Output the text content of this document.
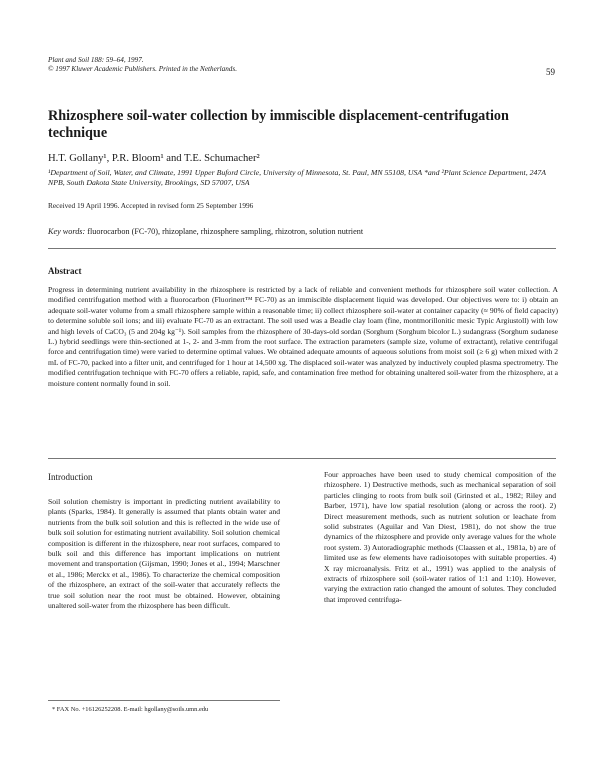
Plant and Soil 188: 59–64, 1997.
© 1997 Kluwer Academic Publishers. Printed in the Netherlands.	59
Rhizosphere soil-water collection by immiscible displacement-centrifugation technique
H.T. Gollany¹, P.R. Bloom¹ and T.E. Schumacher²
¹Department of Soil, Water, and Climate, 1991 Upper Buford Circle, University of Minnesota, St. Paul, MN 55108, USA *and ²Plant Science Department, 247A NPB, South Dakota State University, Brookings, SD 57007, USA
Received 19 April 1996. Accepted in revised form 25 September 1996
Key words: fluorocarbon (FC-70), rhizoplane, rhizosphere sampling, rhizotron, solution nutrient
Abstract

Progress in determining nutrient availability in the rhizosphere is restricted by a lack of reliable and convenient methods for rhizosphere soil water collection. A modified centrifugation method with a fluorocarbon (Fluorinert™ FC-70) as an immiscible displacement liquid was developed. Our objectives were to: i) obtain an adequate soil-water volume from a small rhizosphere sample within a reasonable time; ii) collect rhizosphere soil-water at container capacity (≈ 90% of field capacity) to determine soluble soil ions; and iii) evaluate FC-70 as an extractant. The soil used was a Beadle clay loam (fine, montmorillonitic mesic Typic Argiustoll) with low and high levels of CaCO₃ (5 and 204g kg⁻¹). Soil samples from the rhizosphere of 30-days-old sordan (Sorghum (Sorghum bicolor L.) sudangrass (Sorghum sudanese L.) hybrid seedlings were thin-sectioned at 1-, 2- and 3-mm from the root surface. The extraction parameters (sample size, volume of extractant), relative centrifugal force and centrifugation time) were varied to determine optimal values. We obtained adequate amounts of aqueous solutions from moist soil (≥ 6 g) when mixed with 2 mL of FC-70, packed into a filter unit, and centrifuged for 1 hour at 14,500 xg. The displaced soil-water was analyzed by inductively coupled plasma spectrometry. The modified centrifugation technique with FC-70 offers a reliable, rapid, safe, and contamination free method for obtaining unaltered soil-water from the rhizosphere, at a moisture content normally found in soil.

Introduction

Soil solution chemistry is important in predicting nutrient availability to plants (Sparks, 1984). It generally is assumed that plants obtain water and nutrients from the bulk soil solution and this is reflected in the wide use of bulk soil solution for estimating nutrient availability. Soil solution chemical composition is different in the rhizosphere, near root surfaces, compared to bulk soil and this difference has important implications on nutrient movement and transportation (Gijsman, 1990; Jones et al., 1994; Marschner et al., 1986; Merckx et al., 1986). To characterize the chemical composition of the rhizosphere, an extract of the soil-water that accurately reflects the true soil solution near the root must be obtained. However, obtaining unaltered soil-water from the rhizosphere has been difficult.

Four approaches have been used to study chemical composition of the rhizosphere. 1) Destructive methods, such as mechanical separation of soil particles clinging to roots from bulk soil (Grinsted et al., 1982; Riley and Barber, 1971), have low spatial resolution (along or across the root). 2) Direct measurement methods, such as nutrient solution or leachate from solid substrates (Aguilar and Van Diest, 1981), do not show the true dynamics of the rhizosphere and provide only average values for the whole root system. 3) Autoradiographic methods (Claassen et al., 1981a, b) are of limited use as few elements have radioisotopes with suitable properties. 4) X ray microanalysis. Fritz et al., 1991) was applied to the analysis of extracts of rhizosphere soil (soil-water ratios of 1:1 and 1:10). However, varying the extraction ratio changed the amount of solutes. They concluded that improved centrifuga-

* FAX No. +16126252208. E-mail: hgollany@soils.umn.edu
